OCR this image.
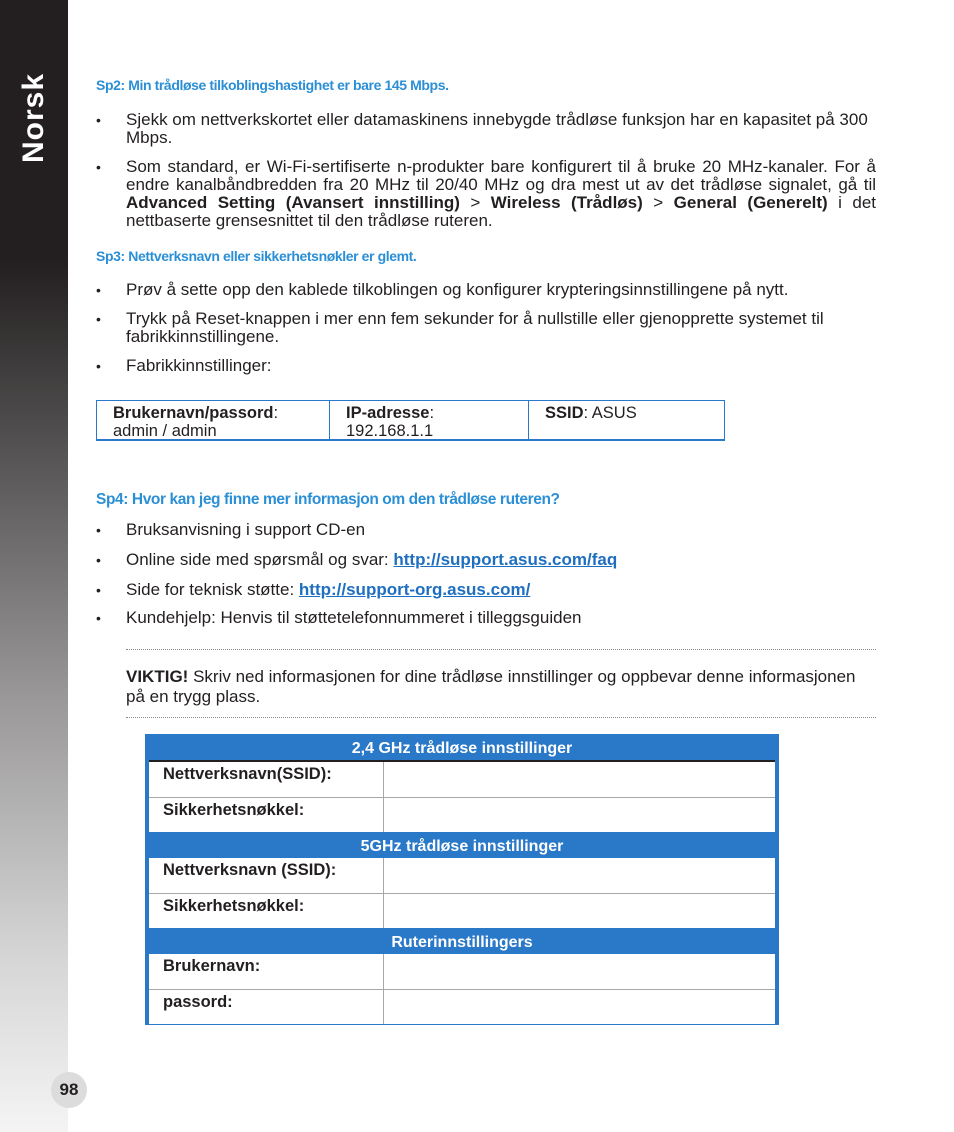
Norsk
98
Sp2: Min trådløse tilkoblingshastighet er bare 145 Mbps.
• Sjekk om nettverkskortet eller datamaskinens innebygde trådløse funksjon har en kapasitet på 300 Mbps.
• Som standard, er Wi-Fi-sertifiserte n-produkter bare konfigurert til å bruke 20 MHz-kanaler. For å endre kanalbåndbredden fra 20 MHz til 20/40 MHz og dra mest ut av det trådløse signalet, gå til Advanced Setting (Avansert innstilling) > Wireless (Trådløs) > General (Generelt) i det nettbaserte grensesnittet til den trådløse ruteren.
Sp3: Nettverksnavn eller sikkerhetsnøkler er glemt.
• Prøv å sette opp den kablede tilkoblingen og konfigurer krypteringsinnstillingene på nytt.
• Trykk på Reset-knappen i mer enn fem sekunder for å nullstille eller gjenopprette systemet til fabrikkinnstillingene.
• Fabrikkinnstillinger:
Brukernavn/passord:
admin / admin
IP-adresse:
192.168.1.1
SSID: ASUS
Sp4: Hvor kan jeg finne mer informasjon om den trådløse ruteren?
• Bruksanvisning i support CD-en
• Online side med spørsmål og svar: http://support.asus.com/faq
• Side for teknisk støtte: http://support-org.asus.com/
• Kundehjelp: Henvis til støttetelefonnummeret i tilleggsguiden
VIKTIG! Skriv ned informasjonen for dine trådløse innstillinger og oppbevar denne informasjonen på en trygg plass.
2,4 GHz trådløse innstillinger
Nettverksnavn(SSID):
Sikkerhetsnøkkel:
5GHz trådløse innstillinger
Nettverksnavn (SSID):
Sikkerhetsnøkkel:
Ruterinnstillingers
Brukernavn:
passord:
